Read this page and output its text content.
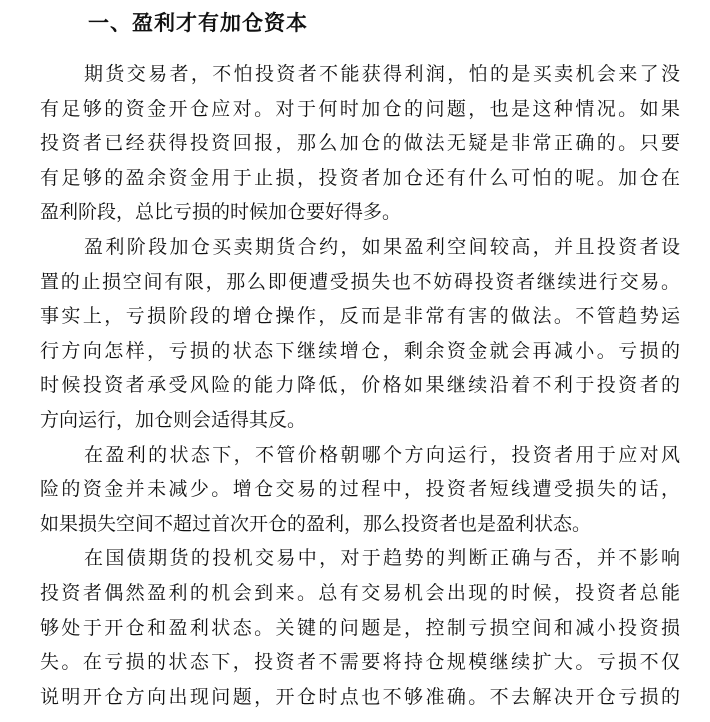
一、盈利才有加仓资本

期货交易者，不怕投资者不能获得利润，怕的是买卖机会来了没
有足够的资金开仓应对。对于何时加仓的问题，也是这种情况。如果
投资者已经获得投资回报，那么加仓的做法无疑是非常正确的。只要
有足够的盈余资金用于止损，投资者加仓还有什么可怕的呢。加仓在
盈利阶段，总比亏损的时候加仓要好得多。

盈利阶段加仓买卖期货合约，如果盈利空间较高，并且投资者设
置的止损空间有限，那么即便遭受损失也不妨碍投资者继续进行交易。
事实上，亏损阶段的增仓操作，反而是非常有害的做法。不管趋势运
行方向怎样，亏损的状态下继续增仓，剩余资金就会再减小。亏损的
时候投资者承受风险的能力降低，价格如果继续沿着不利于投资者的
方向运行，加仓则会适得其反。

在盈利的状态下，不管价格朝哪个方向运行，投资者用于应对风
险的资金并未减少。增仓交易的过程中，投资者短线遭受损失的话，
如果损失空间不超过首次开仓的盈利，那么投资者也是盈利状态。

在国债期货的投机交易中，对于趋势的判断正确与否，并不影响
投资者偶然盈利的机会到来。总有交易机会出现的时候，投资者总能
够处于开仓和盈利状态。关键的问题是，控制亏损空间和减小投资损
失。在亏损的状态下，投资者不需要将持仓规模继续扩大。亏损不仅
说明开仓方向出现问题，开仓时点也不够准确。不去解决开仓亏损的
